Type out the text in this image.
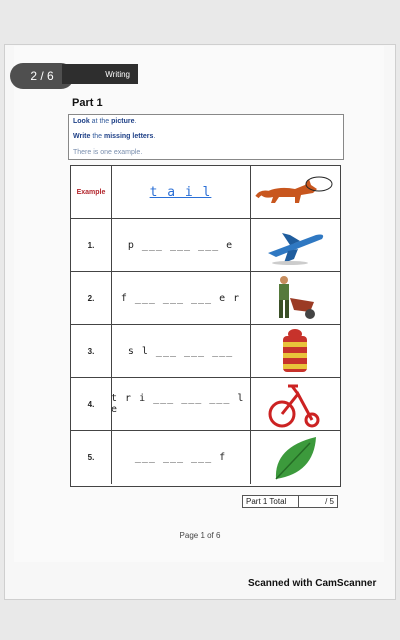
2 / 6	Writing
Part 1
Look at the picture.
Write the missing letters.
There is one example.
Example	t a i l
1.	p ___ ___ ___ e
2.	f ___ ___ ___ e r
3.	s l ___ ___ ___
4.	t r i ___ ___ ___ l e
5.	___ ___ ___ f
Part 1 Total	/ 5
Page 1 of 6
Scanned with CamScanner
